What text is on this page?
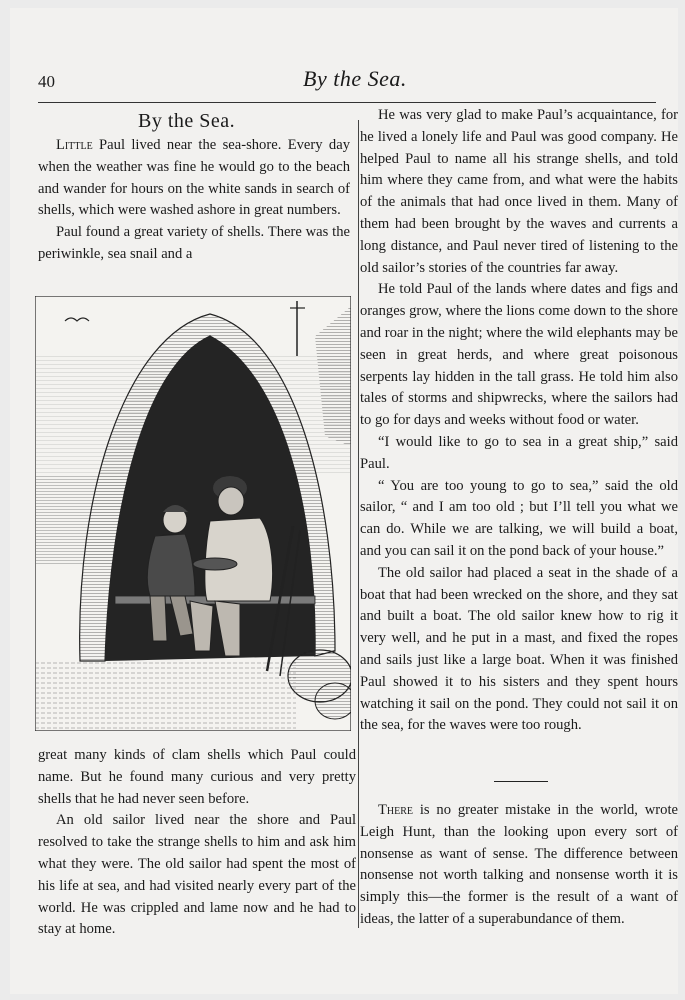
40	By the Sea.
By the Sea.

Little Paul lived near the sea-shore. Every day when the weather was fine he would go to the beach and wander for hours on the white sands in search of shells, which were washed ashore in great numbers.

Paul found a great variety of shells. There was the periwinkle, sea snail and a

great many kinds of clam shells which Paul could name. But he found many curious and very pretty shells that he had never seen before.

An old sailor lived near the shore and Paul resolved to take the strange shells to him and ask him what they were. The old sailor had spent the most of his life at sea, and had visited nearly every part of the world. He was crippled and lame now and he had to stay at home.

He was very glad to make Paul’s acquaintance, for he lived a lonely life and Paul was good company. He helped Paul to name all his strange shells, and told him where they came from, and what were the habits of the animals that had once lived in them. Many of them had been brought by the waves and currents a long distance, and Paul never tired of listening to the old sailor’s stories of the countries far away.

He told Paul of the lands where dates and figs and oranges grow, where the lions come down to the shore and roar in the night; where the wild elephants may be seen in great herds, and where great poisonous serpents lay hidden in the tall grass. He told him also tales of storms and shipwrecks, where the sailors had to go for days and weeks without food or water.

“I would like to go to sea in a great ship,” said Paul.

“ You are too young to go to sea,” said the old sailor, “ and I am too old ; but I’ll tell you what we can do. While we are talking, we will build a boat, and you can sail it on the pond back of your house.”

The old sailor had placed a seat in the shade of a boat that had been wrecked on the shore, and they sat and built a boat. The old sailor knew how to rig it very well, and he put in a mast, and fixed the ropes and sails just like a large boat. When it was finished Paul showed it to his sisters and they spent hours watching it sail on the pond. They could not sail it on the sea, for the waves were too rough.

There is no greater mistake in the world, wrote Leigh Hunt, than the looking upon every sort of nonsense as want of sense. The difference between nonsense not worth talking and nonsense worth it is simply this—the former is the result of a want of ideas, the latter of a superabundance of them.
